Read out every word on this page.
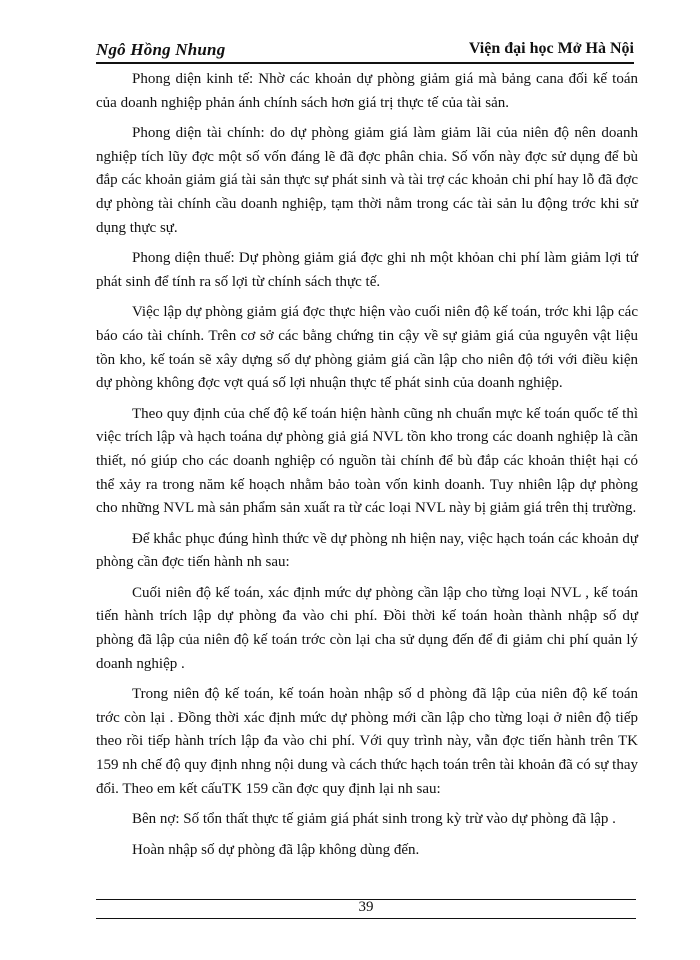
Ngô Hồng Nhung	Viện đại học Mở Hà Nội

Phong diện kinh tế: Nhờ các khoản dự phòng giảm giá mà bảng cana đối kế toán của doanh nghiệp phản ánh chính sách hơn giá trị thực tế của tài sản.

Phong diện tài chính: do dự phòng giảm giá làm giảm lãi của niên độ nên doanh nghiệp tích lũy đợc một số vốn đáng lẽ đã đợc phân chia. Số vốn này đợc sử dụng để bù đắp các khoản giảm giá tài sản thực sự phát sinh và tài trợ các khoản chi phí hay lỗ đã đợc dự phòng tài chính cầu doanh nghiệp, tạm thời nằm trong các tài sản lu động trớc khi sử dụng thực sự.

Phong diện thuế: Dự phòng giảm giá đợc ghi nh một khỏan chi phí làm giảm lợi tứ phát sinh để tính ra số lợi từ chính sách thực tế.

Việc lập dự phòng giảm giá đợc thực hiện vào cuối niên độ kế toán, trớc khi lập các báo cáo tài chính. Trên cơ sở các bằng chứng tin cậy về sự giảm giá của nguyên vật liệu tồn kho, kế toán sẽ xây dựng số dự phòng giảm giá cần lập cho niên độ tới với điều kiện dự phòng không đợc vợt quá số lợi nhuận thực tế phát sinh của doanh nghiệp.

Theo quy định của chế độ kế toán hiện hành cũng nh chuẩn mực kế toán quốc tế thì việc trích lập và hạch toána dự phòng giả giá NVL tồn kho trong các doanh nghiệp là cần thiết, nó giúp cho các doanh nghiệp có nguồn tài chính để bù đắp các khoản thiệt hại có thể xảy ra trong năm kế hoạch nhằm bảo toàn vốn kinh doanh. Tuy nhiên lập dự phòng cho những NVL mà sản phẩm sản xuất ra từ các loại NVL này bị giảm giá trên thị trường.

Để khắc phục đúng hình thức về dự phòng nh hiện nay, việc hạch toán các khoản dự phòng cần đợc tiến hành nh sau:

Cuối niên độ kế toán, xác định mức dự phòng cần lập cho từng loại NVL , kế toán tiến hành trích lập dự phòng đa vào chi phí. Đồi thời kế toán hoàn thành nhập số dự phòng đã lập của niên độ kế toán trớc còn lại cha sử dụng đến để đi giảm chi phí quản lý doanh nghiệp .

Trong niên độ kế toán, kế toán hoàn nhập số d phòng đã lập của niên độ kế toán trớc còn lại . Đồng thời xác định mức dự phòng mới cần lập cho từng loại ở niên độ tiếp theo rồi tiếp hành trích lập đa vào chi phí. Với quy trình này, vẫn đợc tiến hành trên TK 159 nh chế độ quy định nhng nội dung và cách thức hạch toán trên tài khoản đã có sự thay đổi. Theo em kết cấuTK 159 cần đợc quy định lại nh sau:

Bên nợ: Số tổn thất thực tế giảm giá phát sinh trong kỳ trừ vào dự phòng đã lập .

Hoàn nhập số dự phòng đã lập không dùng đến.

39
